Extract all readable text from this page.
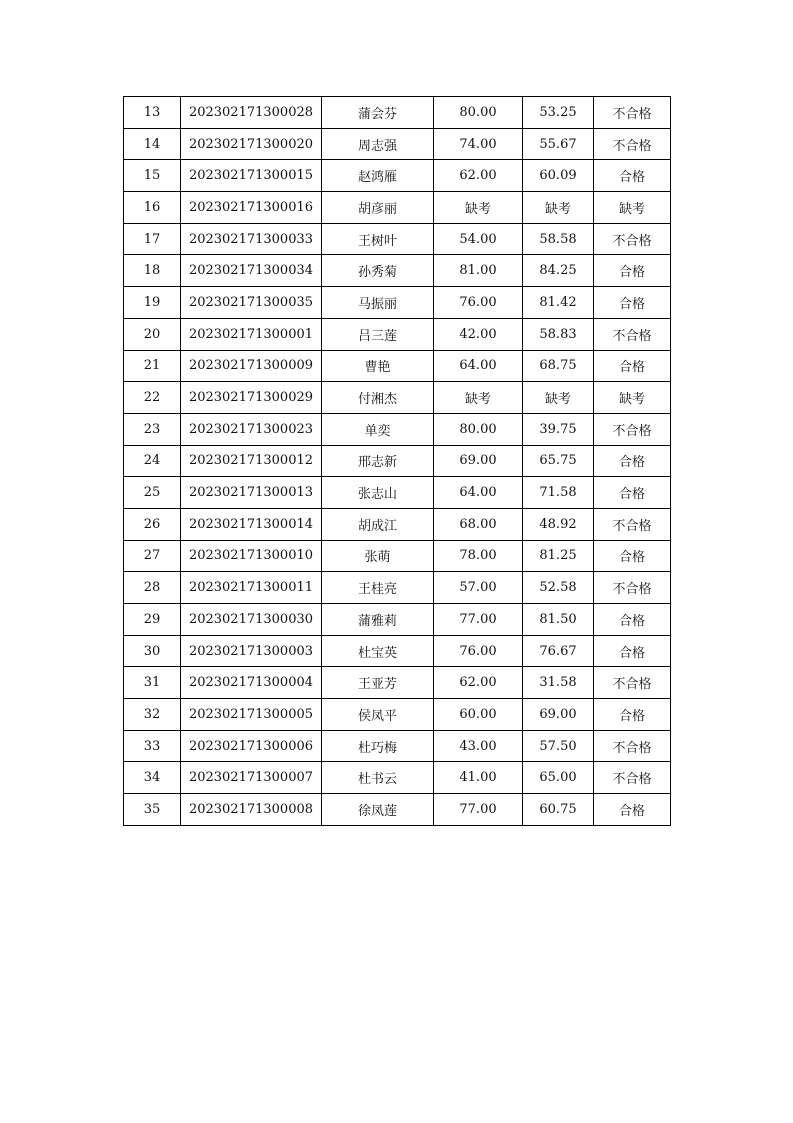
13	202302171300028	蒲会芬	80.00	53.25	不合格
14	202302171300020	周志强	74.00	55.67	不合格
15	202302171300015	赵鸿雁	62.00	60.09	合格
16	202302171300016	胡彦丽	缺考	缺考	缺考
17	202302171300033	王树叶	54.00	58.58	不合格
18	202302171300034	孙秀菊	81.00	84.25	合格
19	202302171300035	马振丽	76.00	81.42	合格
20	202302171300001	吕三莲	42.00	58.83	不合格
21	202302171300009	曹艳	64.00	68.75	合格
22	202302171300029	付湘杰	缺考	缺考	缺考
23	202302171300023	单奕	80.00	39.75	不合格
24	202302171300012	邢志新	69.00	65.75	合格
25	202302171300013	张志山	64.00	71.58	合格
26	202302171300014	胡成江	68.00	48.92	不合格
27	202302171300010	张萌	78.00	81.25	合格
28	202302171300011	王桂亮	57.00	52.58	不合格
29	202302171300030	蒲雅莉	77.00	81.50	合格
30	202302171300003	杜宝英	76.00	76.67	合格
31	202302171300004	王亚芳	62.00	31.58	不合格
32	202302171300005	侯凤平	60.00	69.00	合格
33	202302171300006	杜巧梅	43.00	57.50	不合格
34	202302171300007	杜书云	41.00	65.00	不合格
35	202302171300008	徐凤莲	77.00	60.75	合格
